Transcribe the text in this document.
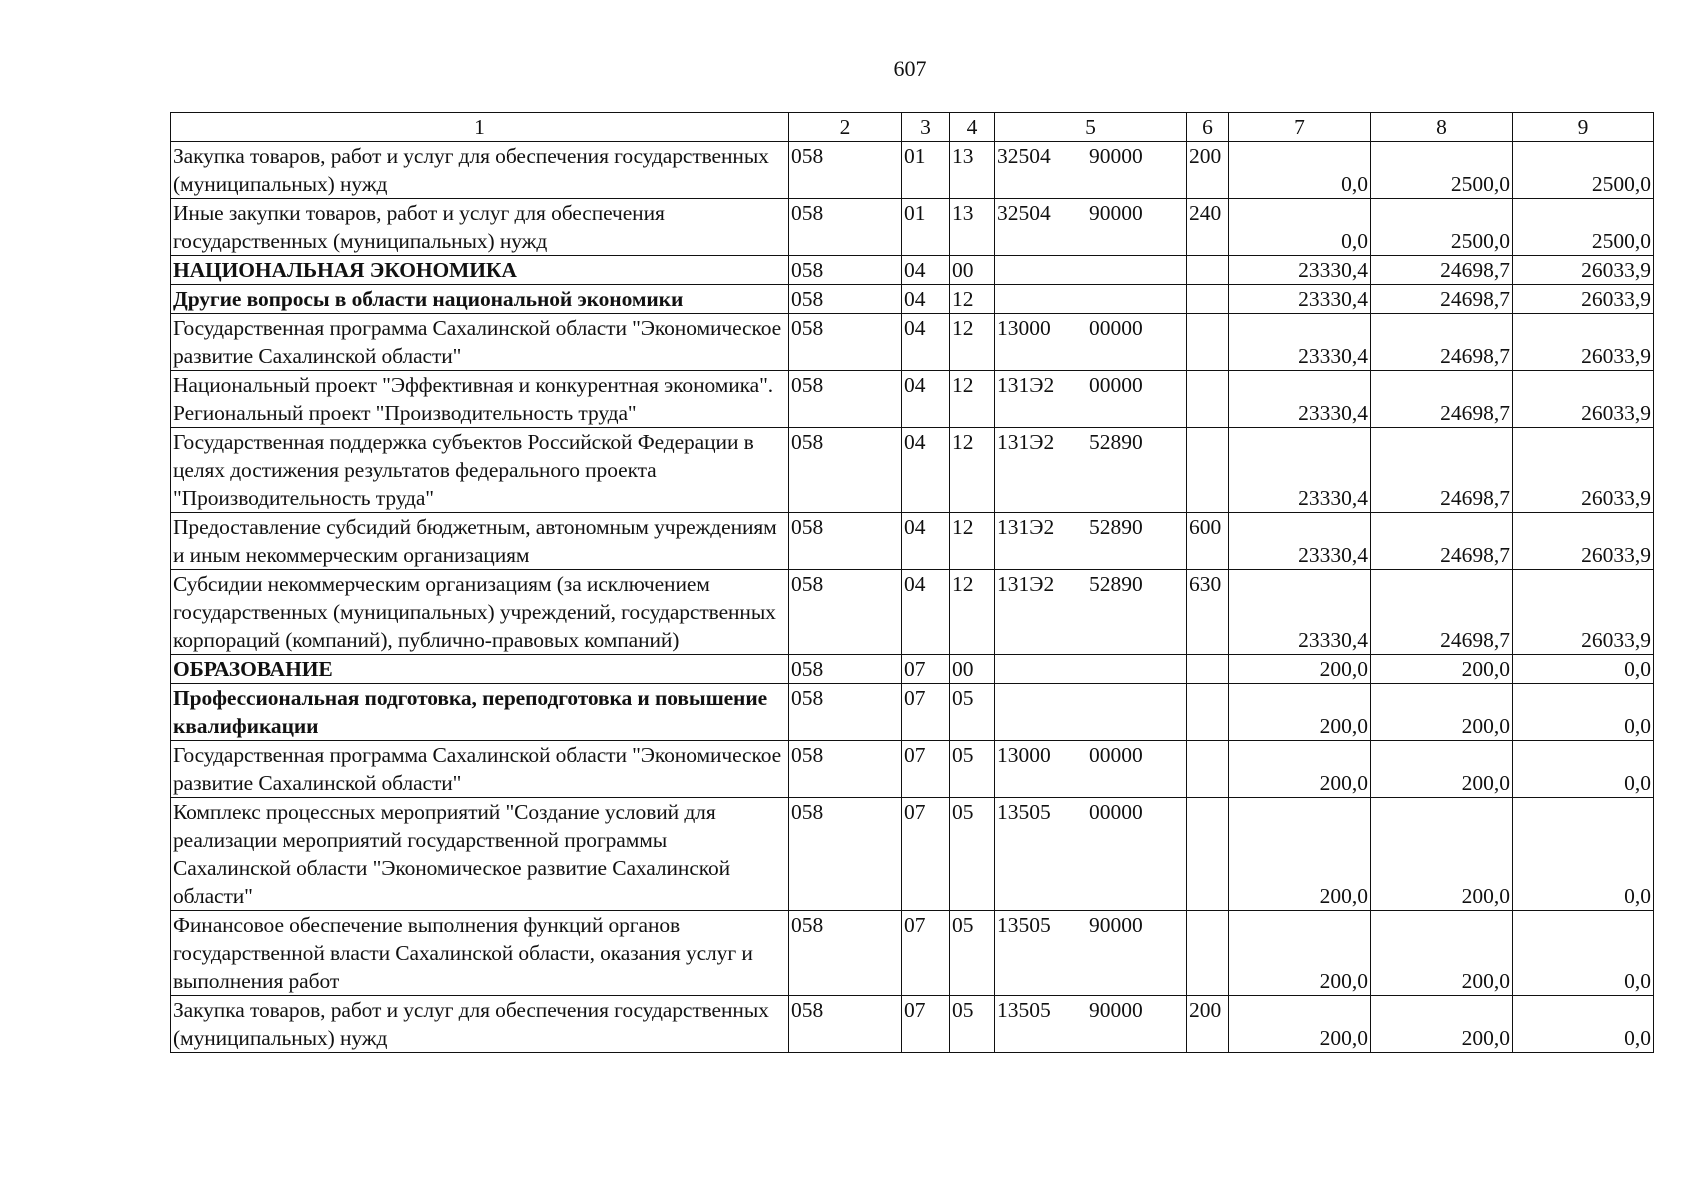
607
1	2	3	4	5	6	7	8	9
Закупка товаров, работ и услуг для обеспечения государственных (муниципальных) нужд	058	01	13	32504 90000	200	0,0	2500,0	2500,0
Иные закупки товаров, работ и услуг для обеспечения государственных (муниципальных) нужд	058	01	13	32504 90000	240	0,0	2500,0	2500,0
НАЦИОНАЛЬНАЯ ЭКОНОМИКА	058	04	00			23330,4	24698,7	26033,9
Другие вопросы в области национальной экономики	058	04	12			23330,4	24698,7	26033,9
Государственная программа Сахалинской области "Экономическое развитие Сахалинской области"	058	04	12	13000 00000		23330,4	24698,7	26033,9
Национальный проект "Эффективная и конкурентная экономика". Региональный проект "Производительность труда"	058	04	12	131Э2 00000		23330,4	24698,7	26033,9
Государственная поддержка субъектов Российской Федерации в целях достижения результатов федерального проекта "Производительность труда"	058	04	12	131Э2 52890		23330,4	24698,7	26033,9
Предоставление субсидий бюджетным, автономным учреждениям и иным некоммерческим организациям	058	04	12	131Э2 52890	600	23330,4	24698,7	26033,9
Субсидии некоммерческим организациям (за исключением государственных (муниципальных) учреждений, государственных корпораций (компаний), публично-правовых компаний)	058	04	12	131Э2 52890	630	23330,4	24698,7	26033,9
ОБРАЗОВАНИЕ	058	07	00			200,0	200,0	0,0
Профессиональная подготовка, переподготовка и повышение квалификации	058	07	05			200,0	200,0	0,0
Государственная программа Сахалинской области "Экономическое развитие Сахалинской области"	058	07	05	13000 00000		200,0	200,0	0,0
Комплекс процессных мероприятий "Создание условий для реализации мероприятий государственной программы Сахалинской области "Экономическое развитие Сахалинской области"	058	07	05	13505 00000		200,0	200,0	0,0
Финансовое обеспечение выполнения функций органов государственной власти Сахалинской области, оказания услуг и выполнения работ	058	07	05	13505 90000		200,0	200,0	0,0
Закупка товаров, работ и услуг для обеспечения государственных (муниципальных) нужд	058	07	05	13505 90000	200	200,0	200,0	0,0
